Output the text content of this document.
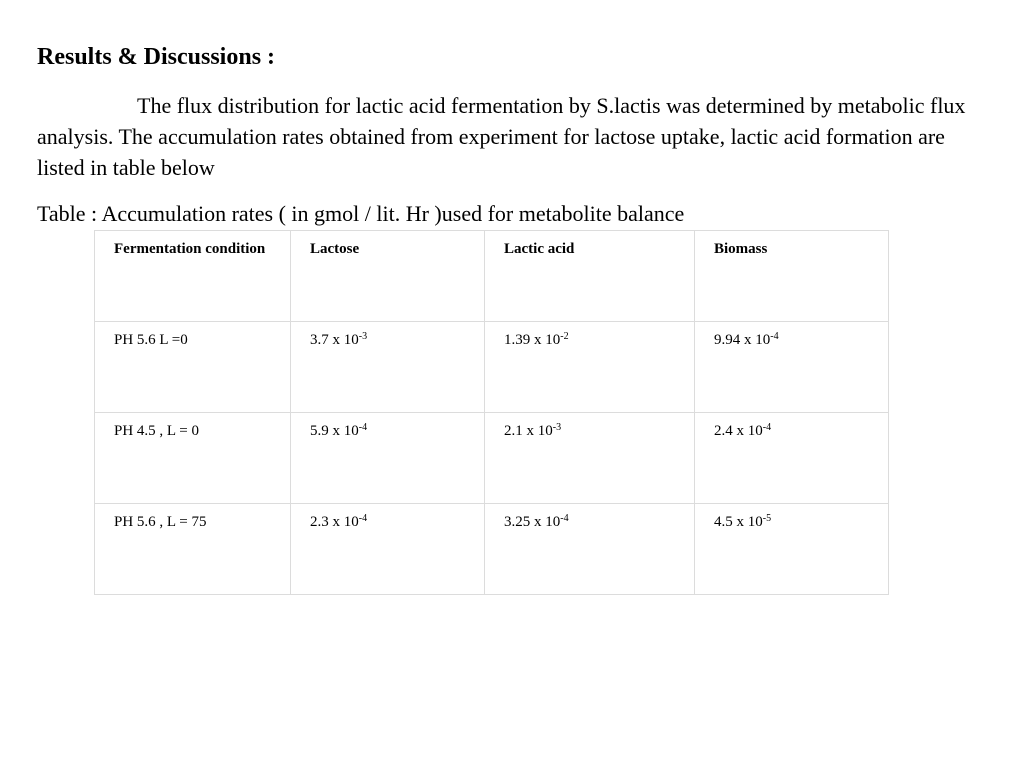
Results & Discussions :

The flux distribution for lactic acid fermentation by S.lactis was determined by metabolic flux analysis. The accumulation rates obtained from experiment for lactose uptake, lactic acid formation are listed in table below

Table : Accumulation rates ( in gmol / lit. Hr )used for metabolite balance

Fermentation condition	Lactose	Lactic acid	Biomass
PH 5.6 L =0	3.7 x $10^{-3}$	1.39 x $10^{-2}$	9.94 x $10^{-4}$
PH 4.5 , L = 0	5.9 x $10^{-4}$	2.1 x $10^{-3}$	2.4 x $10^{-4}$
PH 5.6 , L = 75	2.3 x $10^{-4}$	3.25 x $10^{-4}$	4.5 x $10^{-5}$
